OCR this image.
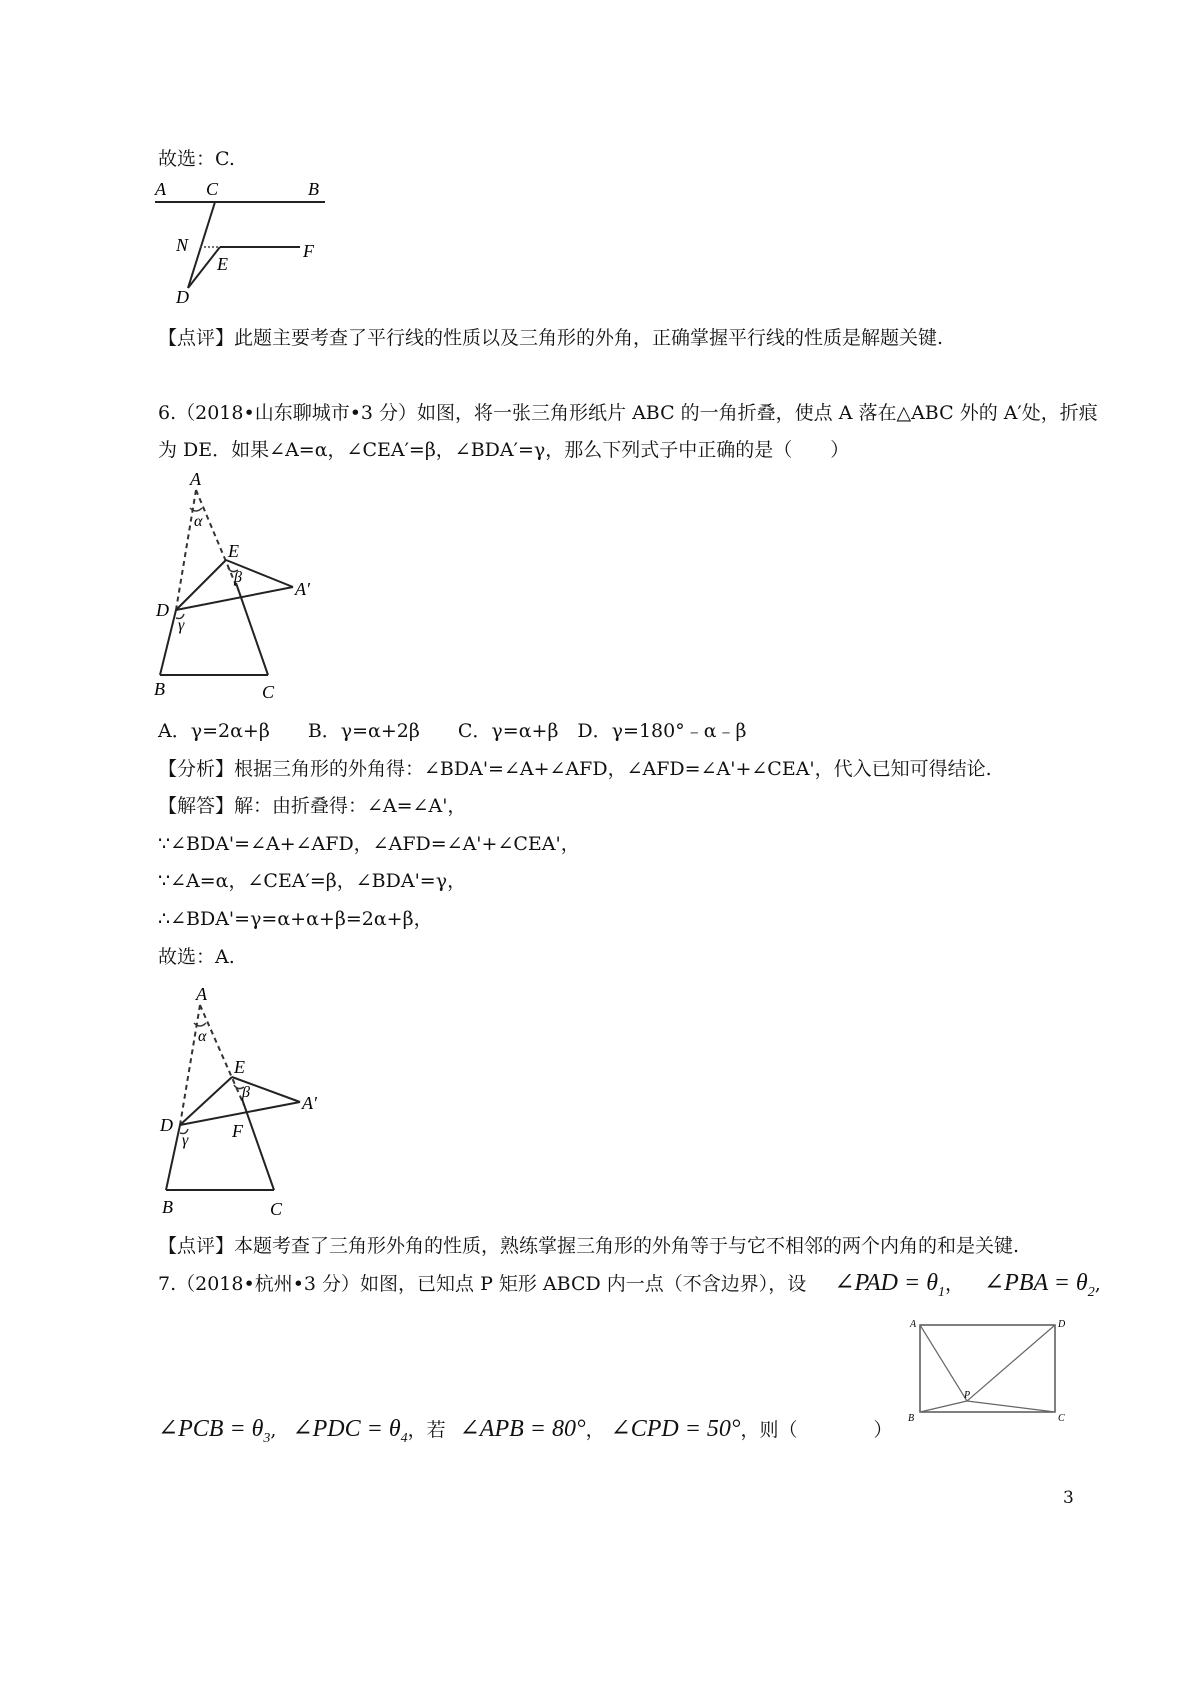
故选：C.
A C	B
N
E
F
D
【点评】此题主要考查了平行线的性质以及三角形的外角，正确掌握平行线的性质是解题关键.
6.（2018•山东聊城市•3 分）如图，将一张三角形纸片 ABC 的一角折叠，使点 A 落在△ABC 外的 A′处，折痕
为 DE．如果∠A=α，∠CEA′=β，∠BDA′=γ，那么下列式子中正确的是（　　）
A
α
E
β
A′
D
γ
B	C
A．γ=2α+β　　B．γ=α+2β　　C．γ=α+β　D．γ=180°﹣α﹣β
【分析】根据三角形的外角得：∠BDA'=∠A+∠AFD，∠AFD=∠A'+∠CEA'，代入已知可得结论.
【解答】解：由折叠得：∠A=∠A'，
∵∠BDA'=∠A+∠AFD，∠AFD=∠A'+∠CEA'，
∵∠A=α，∠CEA′=β，∠BDA'=γ，
∴∠BDA'=γ=α+α+β=2α+β，
故选：A.
A
α
E
β
A′
D
γ F
B	C
【点评】本题考查了三角形外角的性质，熟练掌握三角形的外角等于与它不相邻的两个内角的和是关键.
7.（2018•杭州•3 分）如图，已知点 P 矩形 ABCD 内一点（不含边界），设 ∠PAD = $\theta_1$， ∠PBA = $\theta_2$,
∠PCB = $\theta_3$, ∠PDC = $\theta_4$，若 ∠APB = 80°， ∠CPD = 50°，则（　　　　）
A	D
B
P
C
3
